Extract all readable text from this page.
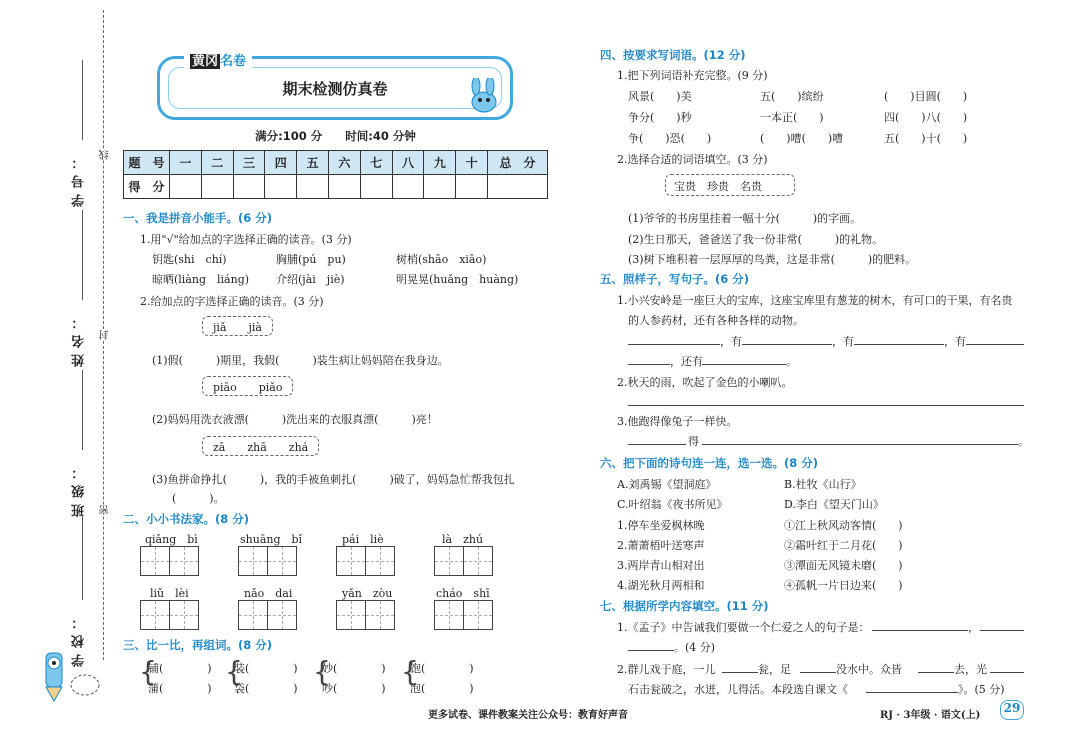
学号：
姓名：
班级：
学校：
线
封
密
黄冈 名卷
期末检测仿真卷
满分:100 分　　时间:40 分钟
题　号	一	二	三	四	五	六	七	八	九	十	总　分
得　分											
一、我是拼音小能手。(6 分)
1.用"√"给加点的字选择正确的读音。(3 分)
钥匙(shi　chí)	胸脯(pú　pu)	树梢(shāo　xiāo)
晾晒(liàng　liáng) 介绍(jài　jiè)	明晃晃(huǎng　huàng)
2.给加点的字选择正确的读音。(3 分)
jiǎ　　jià
(1)假(　　　)期里，我假(　　　)装生病让妈妈陪在我身边。
piāo　　piǎo
(2)妈妈用洗衣液漂(　　　)洗出来的衣服真漂(　　　)亮！
zā　　zhā　　zhá
(3)鱼拼命挣扎(　　　)，我的手被鱼刺扎(　　　)破了，妈妈急忙帮我包扎
(　　　)。
二、小小书法家。(8 分)
qiāng　bì	shuāng　bǐ	pái　liè	là　zhú
liǔ　lèi	nǎo　dai	yǎn　zòu	cháo　shī
三、比一比，再组词。(8 分)
{
铺(　　　　)
蒲(　　　　)
{
装(　　　　)
袋(　　　　)
{
妙(　　　　)
吵(　　　　)
{
饱(　　　　)
泡(　　　　)
四、按要求写词语。(12 分)
1.把下列词语补充完整。(9 分)
风景(　　)美	五(　　)缤纷	(　　)目圆(　　)
争分(　　)秒	一本正(　　)	四(　　)八(　　)
争(　　)恐(　　)	(　　)嘈(　　)嘈	五(　　)十(　　)
2.选择合适的词语填空。(3 分)
宝贵　珍贵　名贵
(1)爷爷的书房里挂着一幅十分(　　　)的字画。
(2)生日那天，爸爸送了我一份非常(　　　)的礼物。
(3)树下堆积着一层厚厚的鸟粪，这是非常(　　　)的肥料。
五、照样子，写句子。(6 分)
1.小兴安岭是一座巨大的宝库，这座宝库里有葱茏的树木，有可口的干果，有名贵
的人参药材，还有各种各样的动物。
，有	，有	，有
，还有	。
2.秋天的雨，吹起了金色的小喇叭。
3.他跑得像兔子一样快。
得	。
六、把下面的诗句连一连，选一选。(8 分)
A.刘禹锡《望洞庭》	B.杜牧《山行》
C.叶绍翁《夜书所见》	D.李白《望天门山》
1.停车坐爱枫林晚	①江上秋风动客情(　　)
2.萧萧梧叶送寒声	②霜叶红于二月花(　　)
3.两岸青山相对出	③潭面无风镜未磨(　　)
4.湖光秋月两相和	④孤帆一片日边来(　　)
七、根据所学内容填空。(11 分)
1.《孟子》中告诫我们要做一个仁爱之人的句子是：	，
。(4 分)
2.群儿戏于庭，一儿	瓮，足	没水中。众皆	去，光
石击瓮破之，水迸，儿得活。本段选自课文《	》。(5 分)
更多试卷、课件教案关注公众号：教育好声音	RJ · 3年级 · 语文(上)
29
